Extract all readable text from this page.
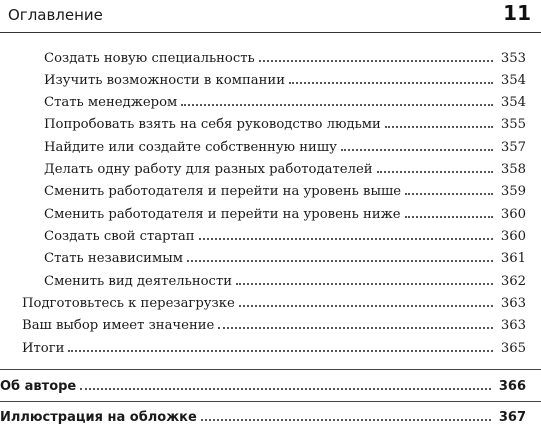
Оглавление	11
Создать новую специальность	353
Изучить возможности в компании	354
Стать менеджером	354
Попробовать взять на себя руководство людьми	355
Найдите или создайте собственную нишу	357
Делать одну работу для разных работодателей	358
Сменить работодателя и перейти на уровень выше	359
Сменить работодателя и перейти на уровень ниже	360
Создать свой стартап	360
Стать независимым	361
Сменить вид деятельности	362
Подготовьтесь к перезагрузке	363
Ваш выбор имеет значение	363
Итоги	365
Об авторе	366
Иллюстрация на обложке	367
